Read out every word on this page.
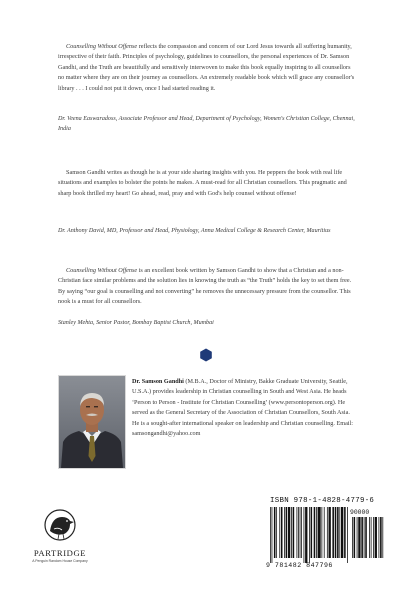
Counselling Without Offense reflects the compassion and concern of our Lord Jesus towards all suffering humanity, irrespective of their faith. Principles of psychology, guidelines to counsellors, the personal experiences of Dr. Samson Gandhi, and the Truth are beautifully and sensitively interwoven to make this book equally inspiring to all counsellors no matter where they are on their journey as counsellors. An extremely readable book which will grace any counsellor's library . . . I could not put it down, once I had started reading it.

Dr. Veena Easwaradoss, Associate Professor and Head, Department of Psychology, Women's Christian College, Chennai, India

Samson Gandhi writes as though he is at your side sharing insights with you. He peppers the book with real life situations and examples to bolster the points he makes. A must-read for all Christian counsellors. This pragmatic and sharp book thrilled my heart! Go ahead, read, pray and with God's help counsel without offense!

Dr. Anthony David, MD, Professor and Head, Physiology, Anna Medical College & Research Center, Mauritius

Counselling Without Offense is an excellent book written by Samson Gandhi to show that a Christian and a non-Christian face similar problems and the solution lies in knowing the truth as “the Truth” holds the key to set them free. By saying “our goal is counselling and not converting” he removes the unnecessary pressure from the counsellor. This nook is a must for all counsellors.

Stanley Mehta, Senior Pastor, Bombay Baptist Church, Mumbai

Dr. Samson Gandhi (M.B.A., Doctor of Ministry, Bakke Graduate University, Seattle, U.S.A.) provides leadership in Christian counselling in South and West Asia. He heads ‘Person to Person - Institute for Christian Counselling’ (www.persontoperson.org). He served as the General Secretary of the Association of Christian Counsellors, South Asia. He is a sought-after international speaker on leadership and Christian counselling. Email: samsongandhi@yahoo.com

PARTRIDGE

A Penguin Random House Company

ISBN 978-1-4828-4779-6

90000

9 781482 847796
